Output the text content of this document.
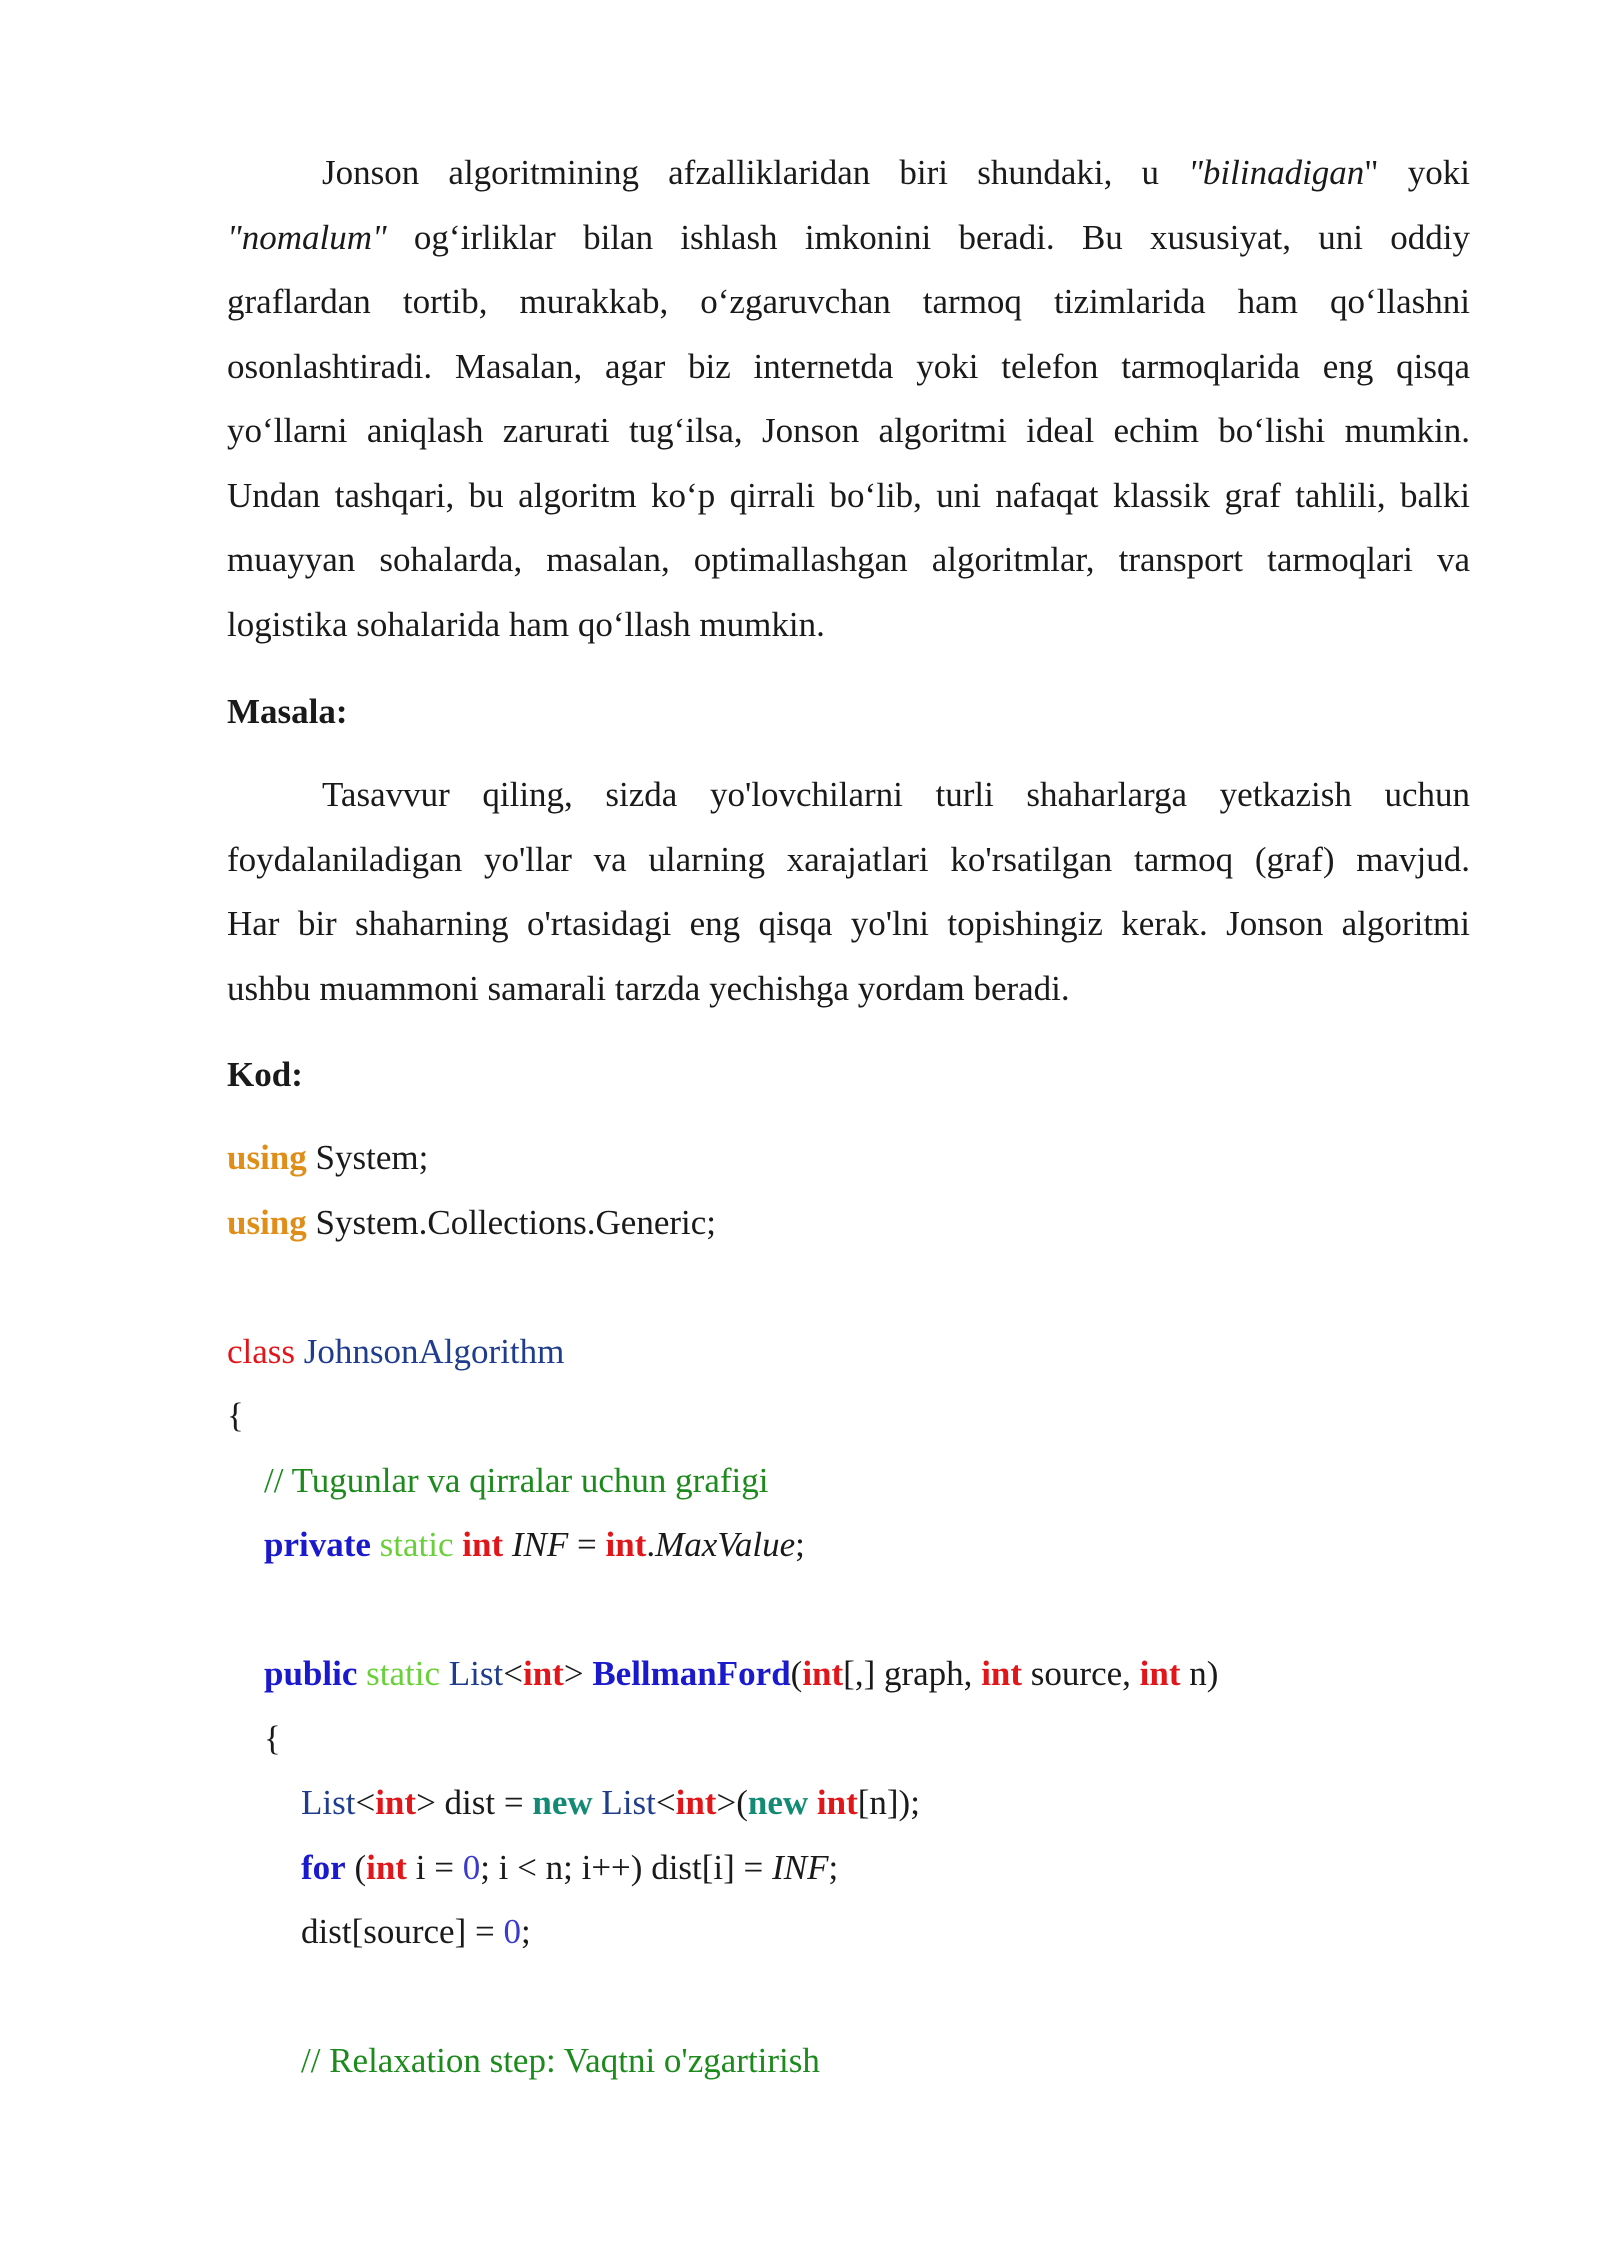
Jonson algoritmining afzalliklaridan biri shundaki, u "bilinadigan" yoki
"nomalum" og‘irliklar bilan ishlash imkonini beradi. Bu xususiyat, uni oddiy
graflardan tortib, murakkab, o‘zgaruvchan tarmoq tizimlarida ham qo‘llashni
osonlashtiradi. Masalan, agar biz internetda yoki telefon tarmoqlarida eng qisqa
yo‘llarni aniqlash zarurati tug‘ilsa, Jonson algoritmi ideal echim bo‘lishi mumkin.
Undan tashqari, bu algoritm ko‘p qirrali bo‘lib, uni nafaqat klassik graf tahlili, balki
muayyan sohalarda, masalan, optimallashgan algoritmlar, transport tarmoqlari va
logistika sohalarida ham qo‘llash mumkin.
Masala:
Tasavvur qiling, sizda yo'lovchilarni turli shaharlarga yetkazish uchun
foydalaniladigan yo'llar va ularning xarajatlari ko'rsatilgan tarmoq (graf) mavjud.
Har bir shaharning o'rtasidagi eng qisqa yo'lni topishingiz kerak. Jonson algoritmi
ushbu muammoni samarali tarzda yechishga yordam beradi.
Kod:
using System;
using System.Collections.Generic;
class JohnsonAlgorithm
{
// Tugunlar va qirralar uchun grafigi
private static int INF = int.MaxValue;
public static List<int> BellmanFord(int[,] graph, int source, int n)
{
List<int> dist = new List<int>(new int[n]);
for (int i = 0; i < n; i++) dist[i] = INF;
dist[source] = 0;
// Relaxation step: Vaqtni o'zgartirish
